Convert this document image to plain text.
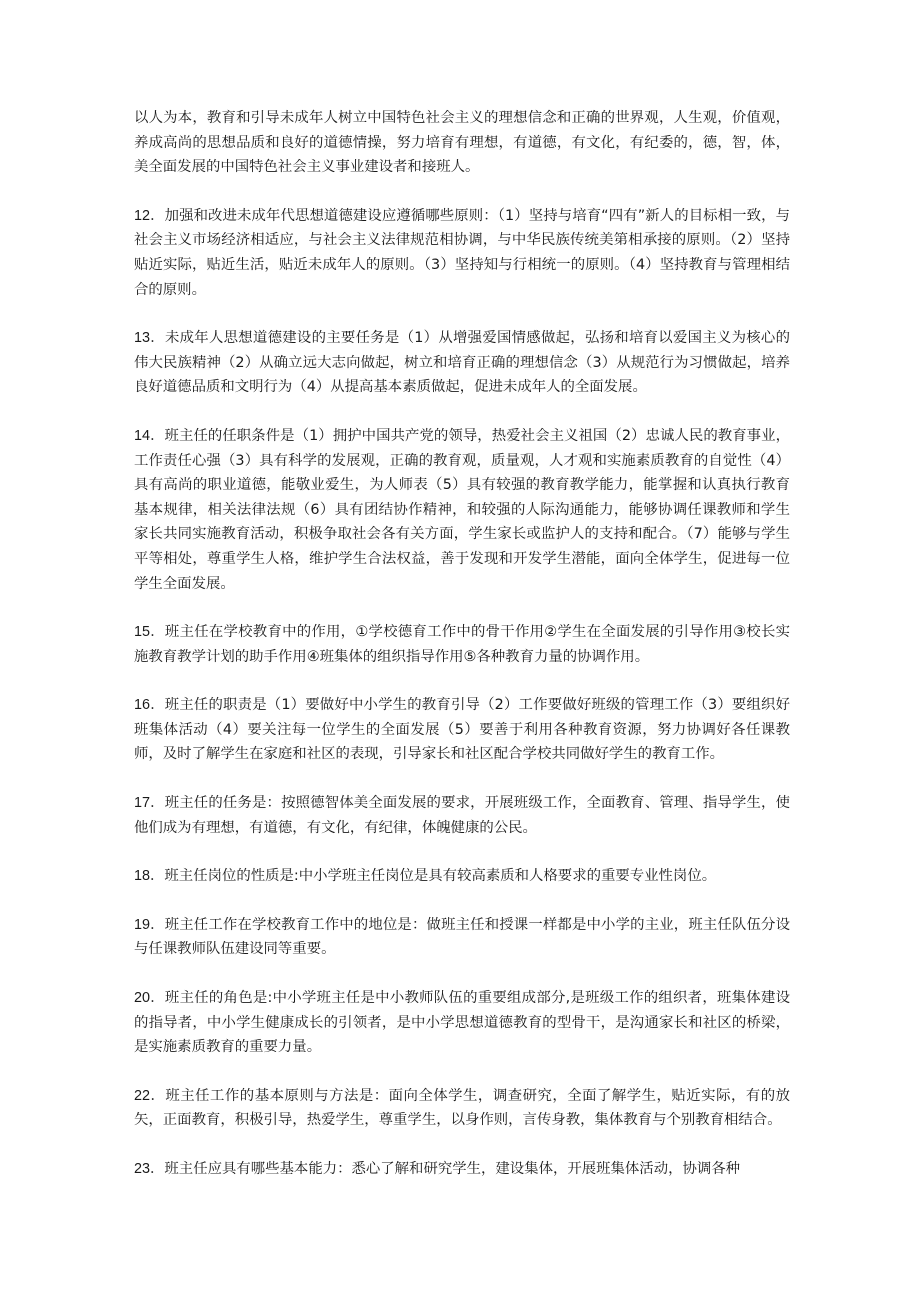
以人为本，教育和引导未成年人树立中国特色社会主义的理想信念和正确的世界观，人生观，价值观，养成高尚的思想品质和良好的道德情操，努力培育有理想，有道德，有文化，有纪委的，德，智，体，美全面发展的中国特色社会主义事业建设者和接班人。

12．加强和改进未成年代思想道德建设应遵循哪些原则：（1）坚持与培育“四有”新人的目标相一致，与社会主义市场经济相适应，与社会主义法律规范相协调，与中华民族传统美第相承接的原则。（2）坚持贴近实际，贴近生活，贴近未成年人的原则。（3）坚持知与行相统一的原则。（4）坚持教育与管理相结合的原则。

13．未成年人思想道德建设的主要任务是（1）从增强爱国情感做起，弘扬和培育以爱国主义为核心的伟大民族精神（2）从确立远大志向做起，树立和培育正确的理想信念（3）从规范行为习惯做起，培养良好道德品质和文明行为（4）从提高基本素质做起，促进未成年人的全面发展。

14．班主任的任职条件是（1）拥护中国共产党的领导，热爱社会主义祖国（2）忠诚人民的教育事业，工作责任心强（3）具有科学的发展观，正确的教育观，质量观，人才观和实施素质教育的自觉性（4）具有高尚的职业道德，能敬业爱生，为人师表（5）具有较强的教育教学能力，能掌握和认真执行教育基本规律，相关法律法规（6）具有团结协作精神，和较强的人际沟通能力，能够协调任课教师和学生家长共同实施教育活动，积极争取社会各有关方面，学生家长或监护人的支持和配合。（7）能够与学生平等相处，尊重学生人格，维护学生合法权益，善于发现和开发学生潜能，面向全体学生，促进每一位学生全面发展。

15．班主任在学校教育中的作用，①学校德育工作中的骨干作用②学生在全面发展的引导作用③校长实施教育教学计划的助手作用④班集体的组织指导作用⑤各种教育力量的协调作用。

16．班主任的职责是（1）要做好中小学生的教育引导（2）工作要做好班级的管理工作（3）要组织好班集体活动（4）要关注每一位学生的全面发展（5）要善于利用各种教育资源，努力协调好各任课教师，及时了解学生在家庭和社区的表现，引导家长和社区配合学校共同做好学生的教育工作。

17．班主任的任务是：按照德智体美全面发展的要求，开展班级工作，全面教育、管理、指导学生，使他们成为有理想，有道德，有文化，有纪律，体魄健康的公民。

18．班主任岗位的性质是:中小学班主任岗位是具有较高素质和人格要求的重要专业性岗位。

19．班主任工作在学校教育工作中的地位是：做班主任和授课一样都是中小学的主业，班主任队伍分设与任课教师队伍建设同等重要。

20．班主任的角色是:中小学班主任是中小教师队伍的重要组成部分,是班级工作的组织者，班集体建设的指导者，中小学生健康成长的引领者，是中小学思想道德教育的型骨干，是沟通家长和社区的桥梁，是实施素质教育的重要力量。

22．班主任工作的基本原则与方法是：面向全体学生，调查研究，全面了解学生，贴近实际，有的放矢，正面教育，积极引导，热爱学生，尊重学生，以身作则，言传身教，集体教育与个别教育相结合。

23．班主任应具有哪些基本能力：悉心了解和研究学生，建设集体，开展班集体活动，协调各种
